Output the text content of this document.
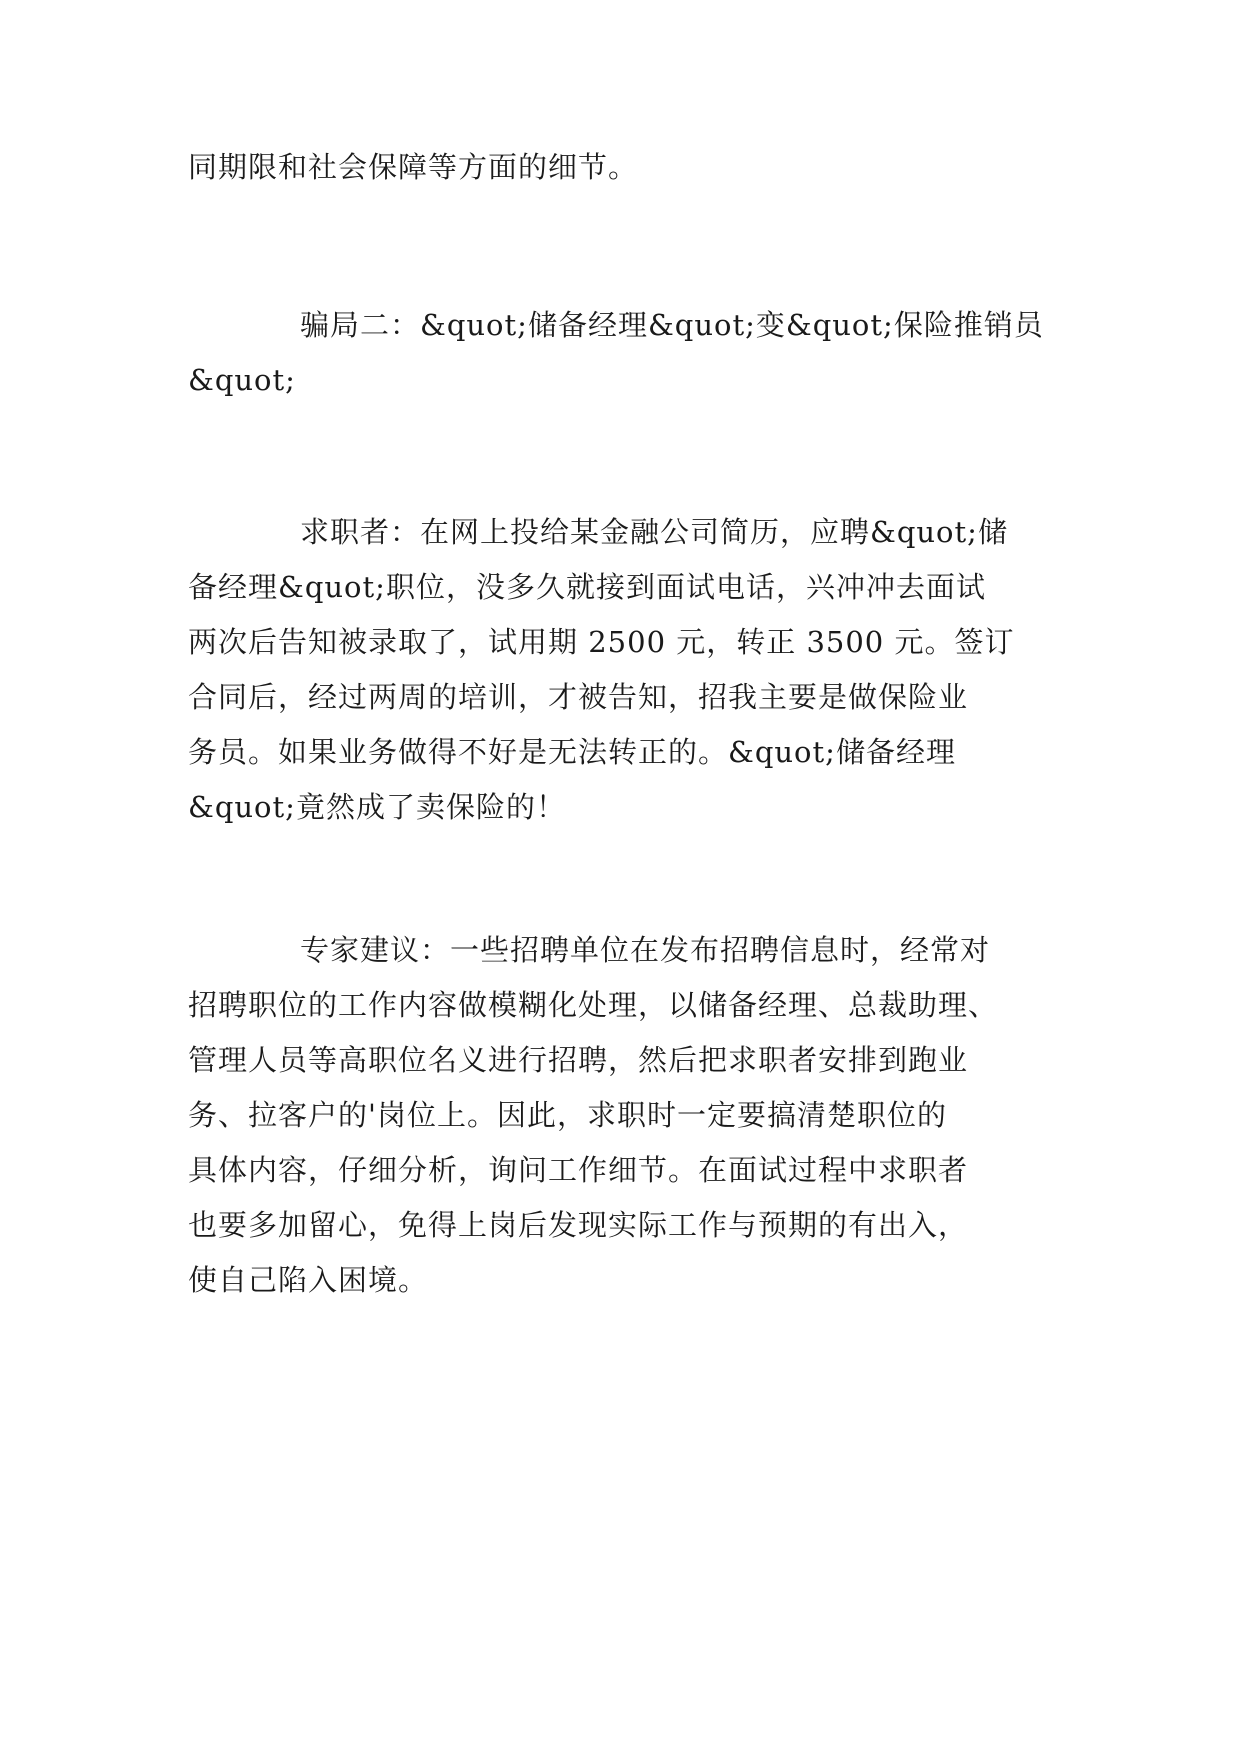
同期限和社会保障等方面的细节。

骗局二：&quot;储备经理&quot;变&quot;保险推销员
&quot;

求职者：在网上投给某金融公司简历，应聘&quot;储
备经理&quot;职位，没多久就接到面试电话，兴冲冲去面试
两次后告知被录取了，试用期 2500 元，转正 3500 元。签订
合同后，经过两周的培训，才被告知，招我主要是做保险业
务员。如果业务做得不好是无法转正的。&quot;储备经理
&quot;竟然成了卖保险的！

专家建议：一些招聘单位在发布招聘信息时，经常对
招聘职位的工作内容做模糊化处理，以储备经理、总裁助理、
管理人员等高职位名义进行招聘，然后把求职者安排到跑业
务、拉客户的'岗位上。因此，求职时一定要搞清楚职位的
具体内容，仔细分析，询问工作细节。在面试过程中求职者
也要多加留心，免得上岗后发现实际工作与预期的有出入，
使自己陷入困境。
